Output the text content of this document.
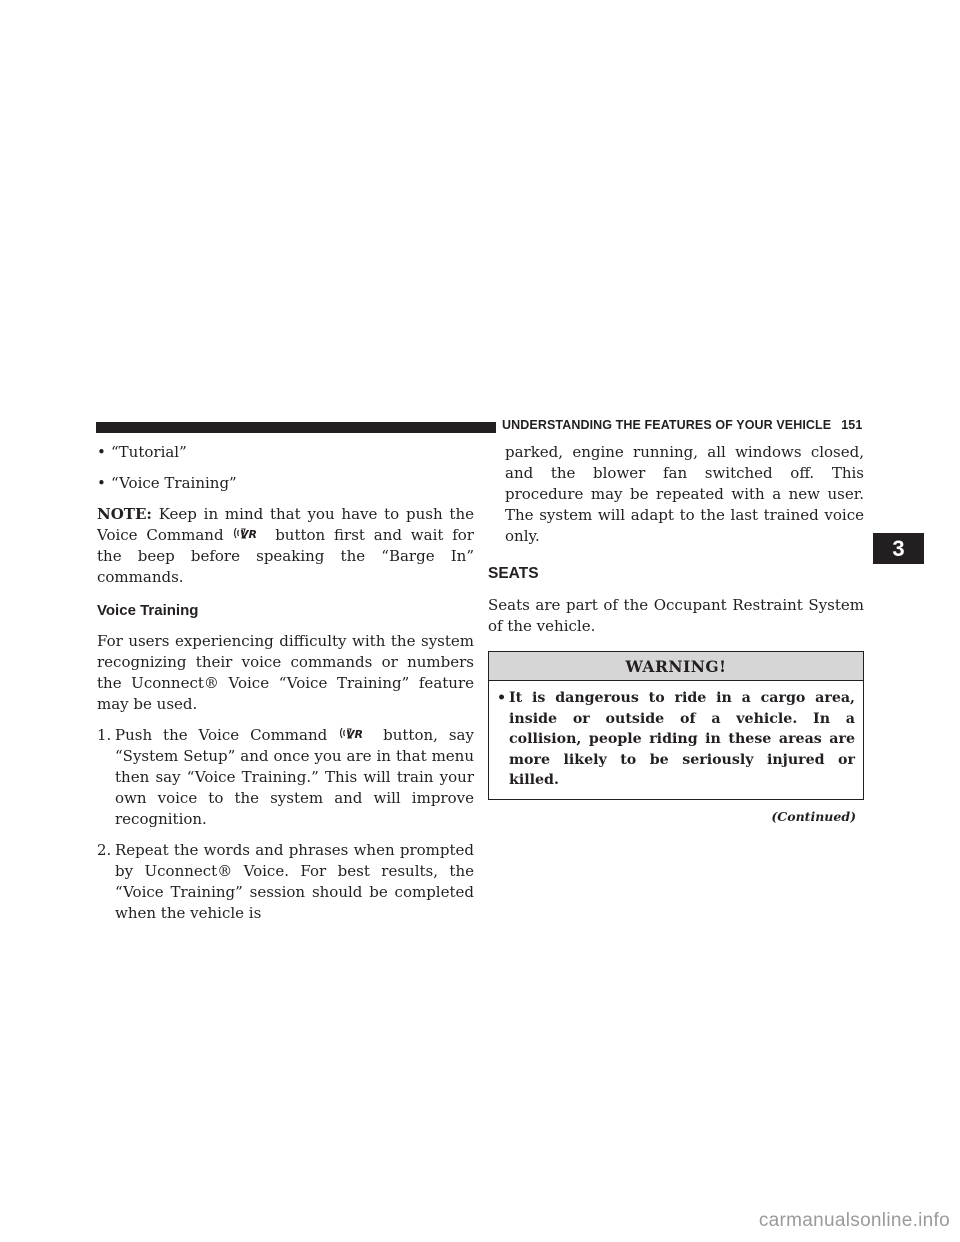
UNDERSTANDING THE FEATURES OF YOUR VEHICLE 151
• “Tutorial”
• “Voice Training”

NOTE: Keep in mind that you have to push the Voice Command VR button first and wait for the beep before speaking the “Barge In” commands.

Voice Training

For users experiencing difficulty with the system recognizing their voice commands or numbers the Uconnect® Voice “Voice Training” feature may be used.

1. Push the Voice Command VR button, say “System Setup” and once you are in that menu then say “Voice Training.” This will train your own voice to the system and will improve recognition.
2. Repeat the words and phrases when prompted by Uconnect® Voice. For best results, the “Voice Training” session should be completed when the vehicle is

parked, engine running, all windows closed, and the blower fan switched off. This procedure may be repeated with a new user. The system will adapt to the last trained voice only.

SEATS

Seats are part of the Occupant Restraint System of the vehicle.

WARNING!
• It is dangerous to ride in a cargo area, inside or outside of a vehicle. In a collision, people riding in these areas are more likely to be seriously injured or killed.
(Continued)
3
carmanualsonline.info
